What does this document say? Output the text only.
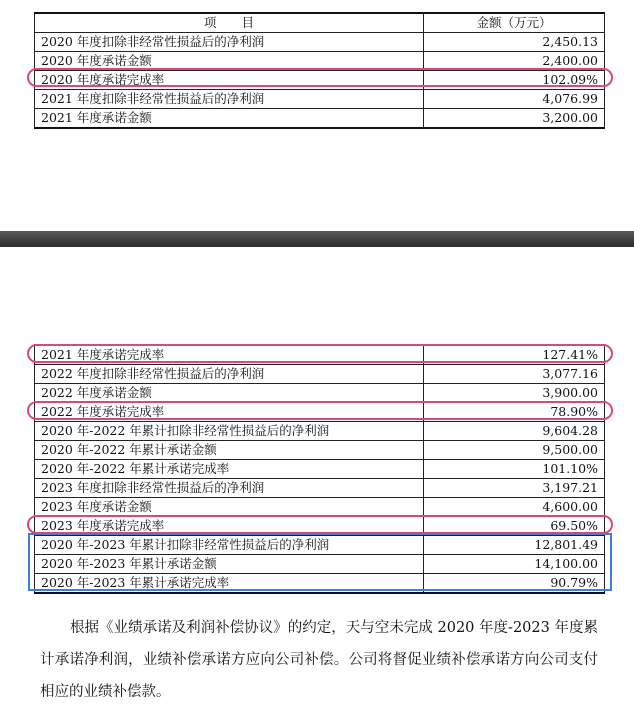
项　　目	金额（万元）
2020 年度扣除非经常性损益后的净利润	2,450.13
2020 年度承诺金额	2,400.00
2020 年度承诺完成率	102.09%
2021 年度扣除非经常性损益后的净利润	4,076.99
2021 年度承诺金额	3,200.00
2021 年度承诺完成率	127.41%
2022 年度扣除非经常性损益后的净利润	3,077.16
2022 年度承诺金额	3,900.00
2022 年度承诺完成率	78.90%
2020 年-2022 年累计扣除非经常性损益后的净利润	9,604.28
2020 年-2022 年累计承诺金额	9,500.00
2020 年-2022 年累计承诺完成率	101.10%
2023 年度扣除非经常性损益后的净利润	3,197.21
2023 年度承诺金额	4,600.00
2023 年度承诺完成率	69.50%
2020 年-2023 年累计扣除非经常性损益后的净利润	12,801.49
2020 年-2023 年累计承诺金额	14,100.00
2020 年-2023 年累计承诺完成率	90.79%

根据《业绩承诺及利润补偿协议》的约定，天与空未完成 2020 年度-2023 年度累计承诺净利润，业绩补偿承诺方应向公司补偿。公司将督促业绩补偿承诺方向公司支付相应的业绩补偿款。
